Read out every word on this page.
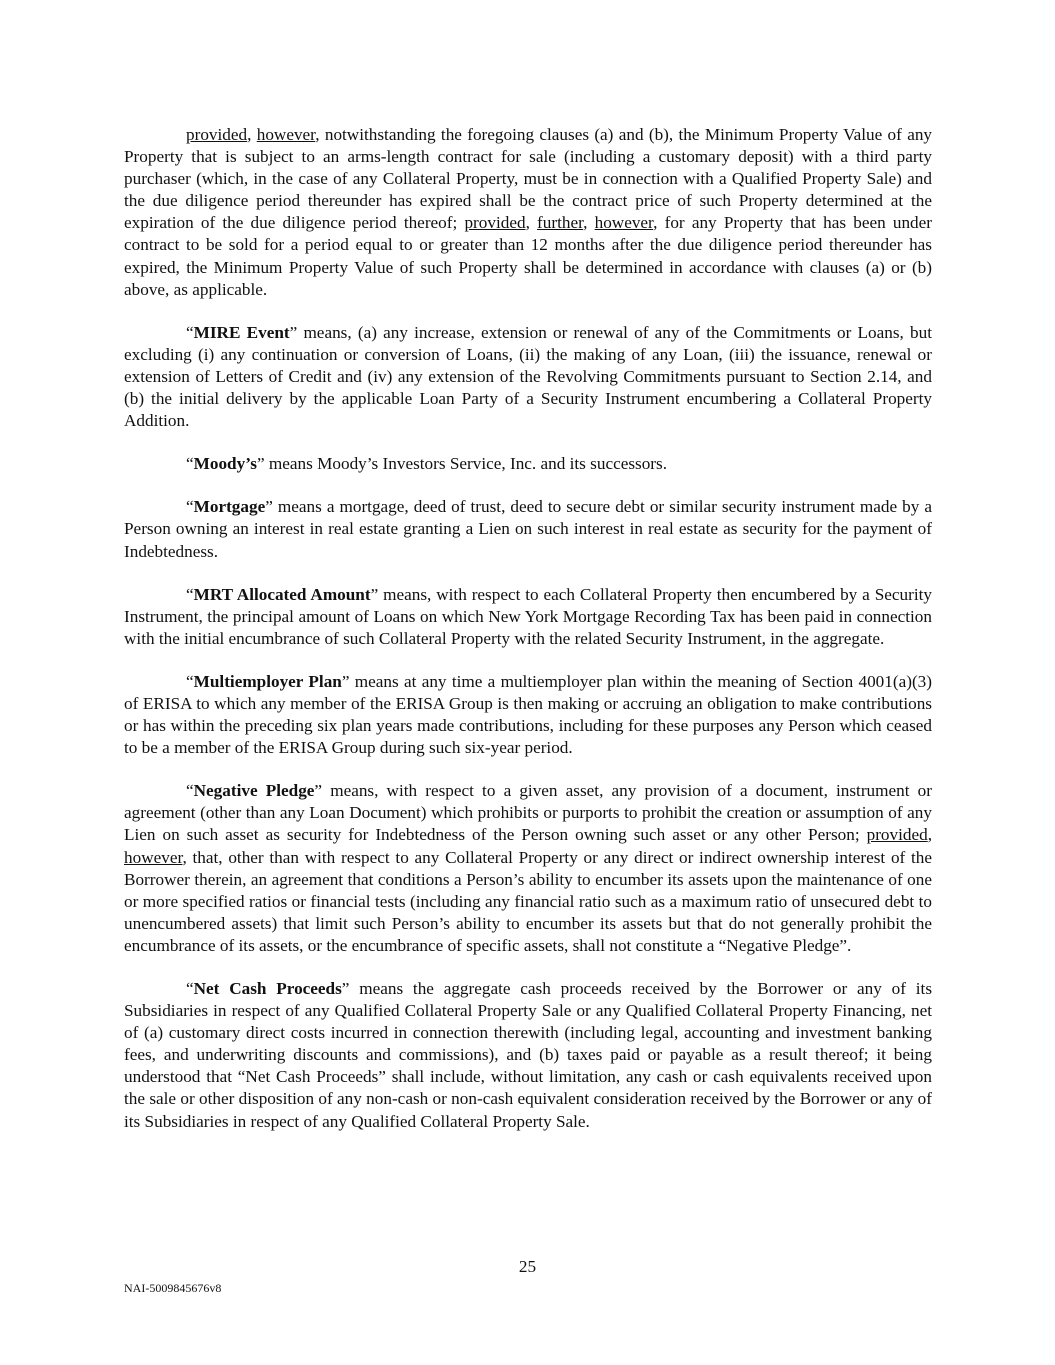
provided, however, notwithstanding the foregoing clauses (a) and (b), the Minimum Property Value of any Property that is subject to an arms-length contract for sale (including a customary deposit) with a third party purchaser (which, in the case of any Collateral Property, must be in connection with a Qualified Property Sale) and the due diligence period thereunder has expired shall be the contract price of such Property determined at the expiration of the due diligence period thereof; provided, further, however, for any Property that has been under contract to be sold for a period equal to or greater than 12 months after the due diligence period thereunder has expired, the Minimum Property Value of such Property shall be determined in accordance with clauses (a) or (b) above, as applicable.

“MIRE Event” means, (a) any increase, extension or renewal of any of the Commitments or Loans, but excluding (i) any continuation or conversion of Loans, (ii) the making of any Loan, (iii) the issuance, renewal or extension of Letters of Credit and (iv) any extension of the Revolving Commitments pursuant to Section 2.14, and (b) the initial delivery by the applicable Loan Party of a Security Instrument encumbering a Collateral Property Addition.

“Moody’s” means Moody’s Investors Service, Inc. and its successors.

“Mortgage” means a mortgage, deed of trust, deed to secure debt or similar security instrument made by a Person owning an interest in real estate granting a Lien on such interest in real estate as security for the payment of Indebtedness.

“MRT Allocated Amount” means, with respect to each Collateral Property then encumbered by a Security Instrument, the principal amount of Loans on which New York Mortgage Recording Tax has been paid in connection with the initial encumbrance of such Collateral Property with the related Security Instrument, in the aggregate.

“Multiemployer Plan” means at any time a multiemployer plan within the meaning of Section 4001(a)(3) of ERISA to which any member of the ERISA Group is then making or accruing an obligation to make contributions or has within the preceding six plan years made contributions, including for these purposes any Person which ceased to be a member of the ERISA Group during such six-year period.

“Negative Pledge” means, with respect to a given asset, any provision of a document, instrument or agreement (other than any Loan Document) which prohibits or purports to prohibit the creation or assumption of any Lien on such asset as security for Indebtedness of the Person owning such asset or any other Person; provided, however, that, other than with respect to any Collateral Property or any direct or indirect ownership interest of the Borrower therein, an agreement that conditions a Person’s ability to encumber its assets upon the maintenance of one or more specified ratios or financial tests (including any financial ratio such as a maximum ratio of unsecured debt to unencumbered assets) that limit such Person’s ability to encumber its assets but that do not generally prohibit the encumbrance of its assets, or the encumbrance of specific assets, shall not constitute a “Negative Pledge”.

“Net Cash Proceeds” means the aggregate cash proceeds received by the Borrower or any of its Subsidiaries in respect of any Qualified Collateral Property Sale or any Qualified Collateral Property Financing, net of (a) customary direct costs incurred in connection therewith (including legal, accounting and investment banking fees, and underwriting discounts and commissions), and (b) taxes paid or payable as a result thereof; it being understood that “Net Cash Proceeds” shall include, without limitation, any cash or cash equivalents received upon the sale or other disposition of any non-cash or non-cash equivalent consideration received by the Borrower or any of its Subsidiaries in respect of any Qualified Collateral Property Sale.

25
NAI-5009845676v8
